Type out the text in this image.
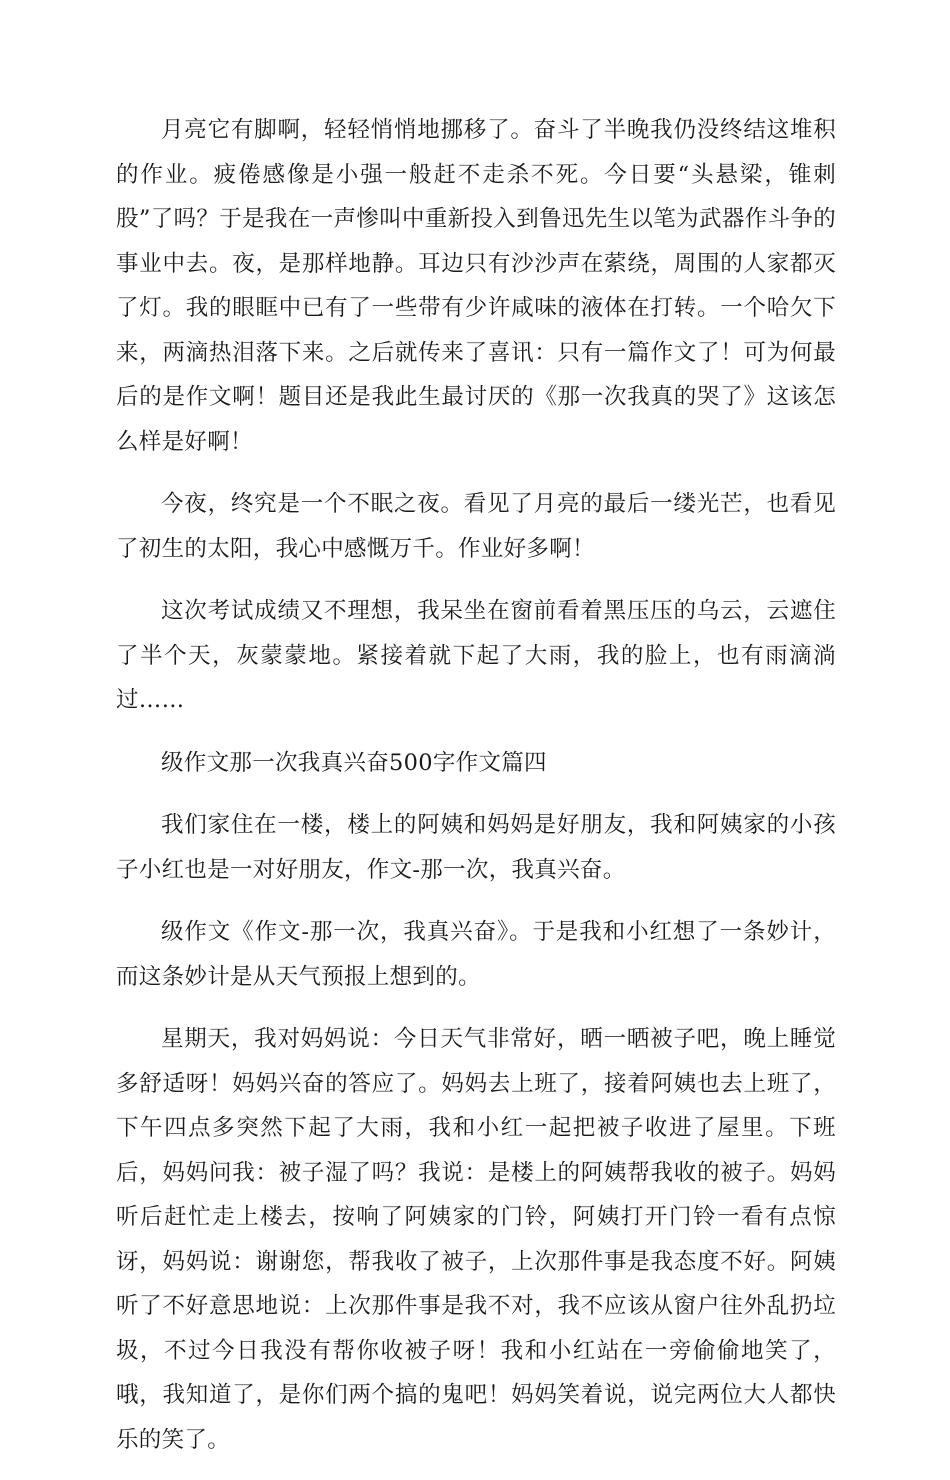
月亮它有脚啊，轻轻悄悄地挪移了。奋斗了半晚我仍没终结这堆积的作业。疲倦感像是小强一般赶不走杀不死。今日要“头悬梁，锥刺股”了吗？于是我在一声惨叫中重新投入到鲁迅先生以笔为武器作斗争的事业中去。夜，是那样地静。耳边只有沙沙声在萦绕，周围的人家都灭了灯。我的眼眶中已有了一些带有少许咸味的液体在打转。一个哈欠下来，两滴热泪落下来。之后就传来了喜讯：只有一篇作文了！可为何最后的是作文啊！题目还是我此生最讨厌的《那一次我真的哭了》这该怎么样是好啊！

今夜，终究是一个不眠之夜。看见了月亮的最后一缕光芒，也看见了初生的太阳，我心中感慨万千。作业好多啊！

这次考试成绩又不理想，我呆坐在窗前看着黑压压的乌云，云遮住了半个天，灰蒙蒙地。紧接着就下起了大雨，我的脸上，也有雨滴淌过……

级作文那一次我真兴奋500字作文篇四

我们家住在一楼，楼上的阿姨和妈妈是好朋友，我和阿姨家的小孩子小红也是一对好朋友，作文-那一次，我真兴奋。

级作文《作文-那一次，我真兴奋》。于是我和小红想了一条妙计，而这条妙计是从天气预报上想到的。

星期天，我对妈妈说：今日天气非常好，晒一晒被子吧，晚上睡觉多舒适呀！妈妈兴奋的答应了。妈妈去上班了，接着阿姨也去上班了，下午四点多突然下起了大雨，我和小红一起把被子收进了屋里。下班后，妈妈问我：被子湿了吗？我说：是楼上的阿姨帮我收的被子。妈妈听后赶忙走上楼去，按响了阿姨家的门铃，阿姨打开门铃一看有点惊讶，妈妈说：谢谢您，帮我收了被子，上次那件事是我态度不好。阿姨听了不好意思地说：上次那件事是我不对，我不应该从窗户往外乱扔垃圾，不过今日我没有帮你收被子呀！我和小红站在一旁偷偷地笑了，哦，我知道了，是你们两个搞的鬼吧！妈妈笑着说，说完两位大人都快乐的笑了。
